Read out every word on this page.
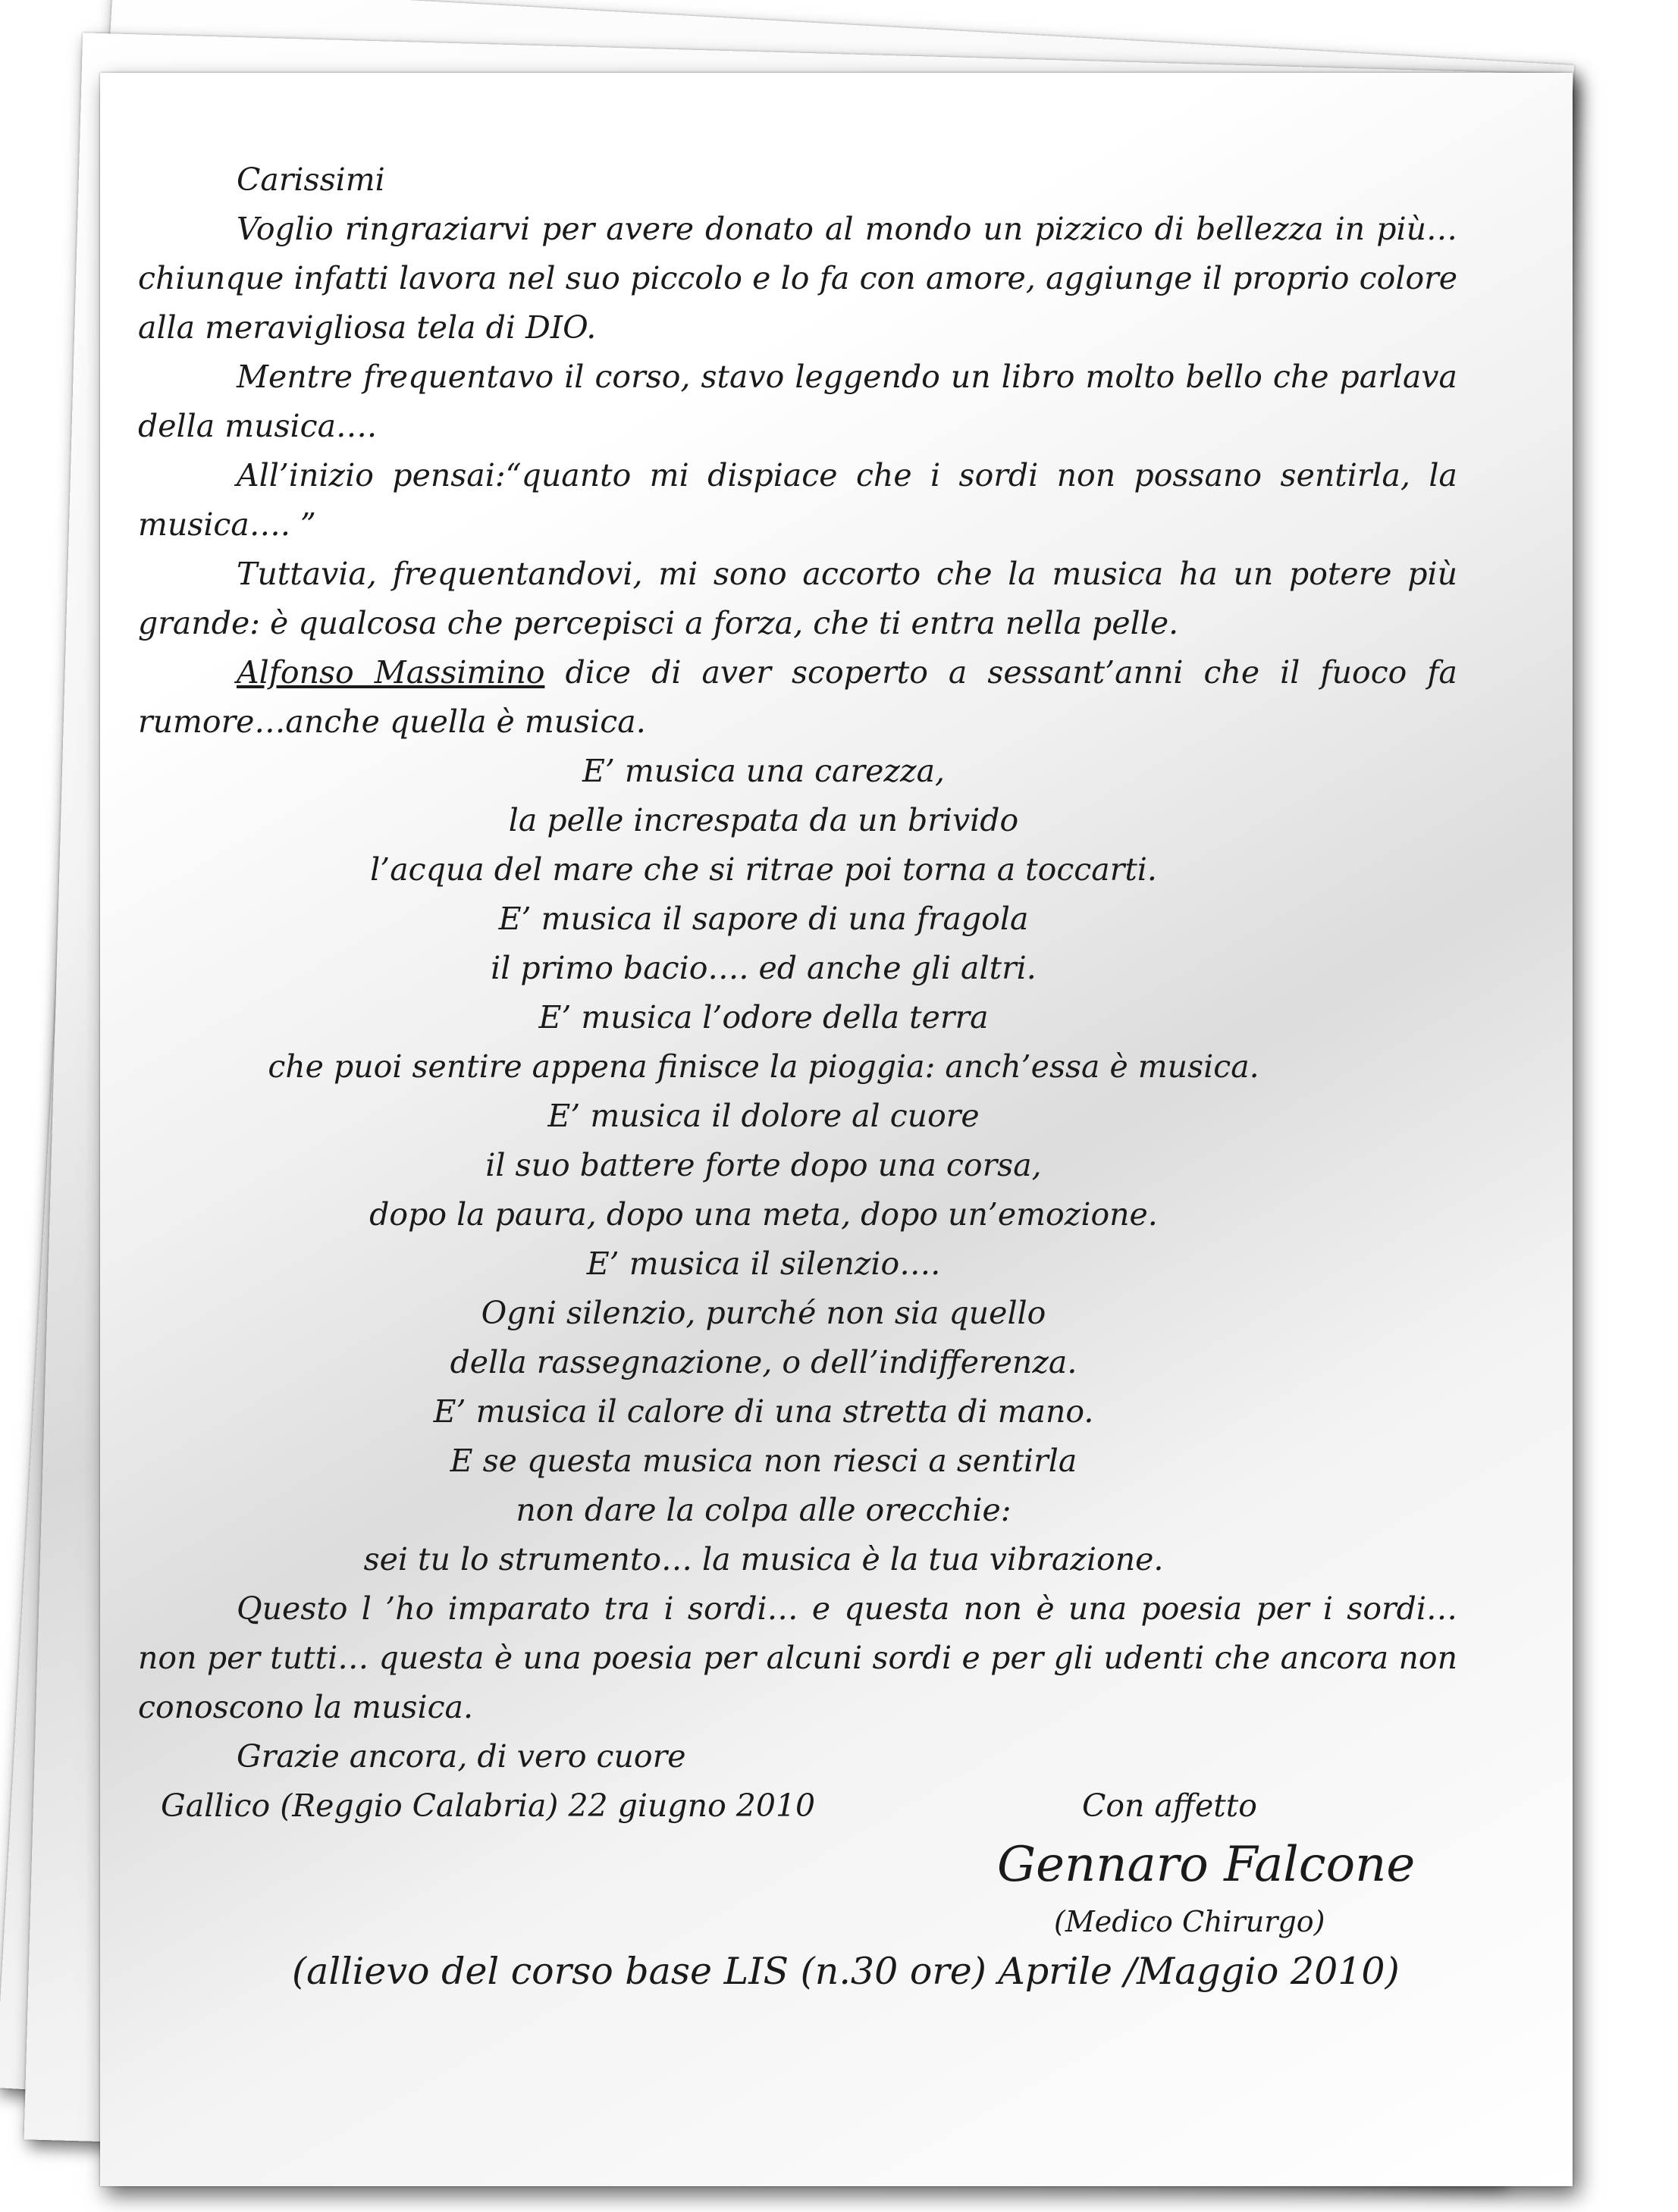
Carissimi

Voglio ringraziarvi per avere donato al mondo un pizzico di bellezza in più… chiunque infatti lavora nel suo piccolo e lo fa con amore, aggiunge il proprio colore alla meravigliosa tela di DIO.

Mentre frequentavo il corso, stavo leggendo un libro molto bello che parlava della musica….

All’inizio pensai:“quanto mi dispiace che i sordi non possano sentirla, la musica…. ”

Tuttavia, frequentandovi, mi sono accorto che la musica ha un potere più grande: è qualcosa che percepisci a forza, che ti entra nella pelle.

Alfonso Massimino dice di aver scoperto a sessant’anni che il fuoco fa rumore…anche quella è musica.

E’ musica una carezza,
la pelle increspata da un brivido
l’acqua del mare che si ritrae poi torna a toccarti.
E’ musica il sapore di una fragola
il primo bacio…. ed anche gli altri.
E’ musica l’odore della terra
che puoi sentire appena finisce la pioggia: anch’essa è musica.
E’ musica il dolore al cuore
il suo battere forte dopo una corsa,
dopo la paura, dopo una meta, dopo un’emozione.
E’ musica il silenzio….
Ogni silenzio, purché non sia quello
della rassegnazione, o dell’indifferenza.
E’ musica il calore di una stretta di mano.
E se questa musica non riesci a sentirla
non dare la colpa alle orecchie:
sei tu lo strumento… la musica è la tua vibrazione.

Questo l ’ho imparato tra i sordi… e questa non è una poesia per i sordi… non per tutti… questa è una poesia per alcuni sordi e per gli udenti che ancora non conoscono la musica.

Grazie ancora, di vero cuore

Gallico (Reggio Calabria) 22 giugno 2010	Con affetto
Gennaro Falcone
(Medico Chirurgo)
(allievo del corso base LIS (n.30 ore) Aprile /Maggio 2010)
